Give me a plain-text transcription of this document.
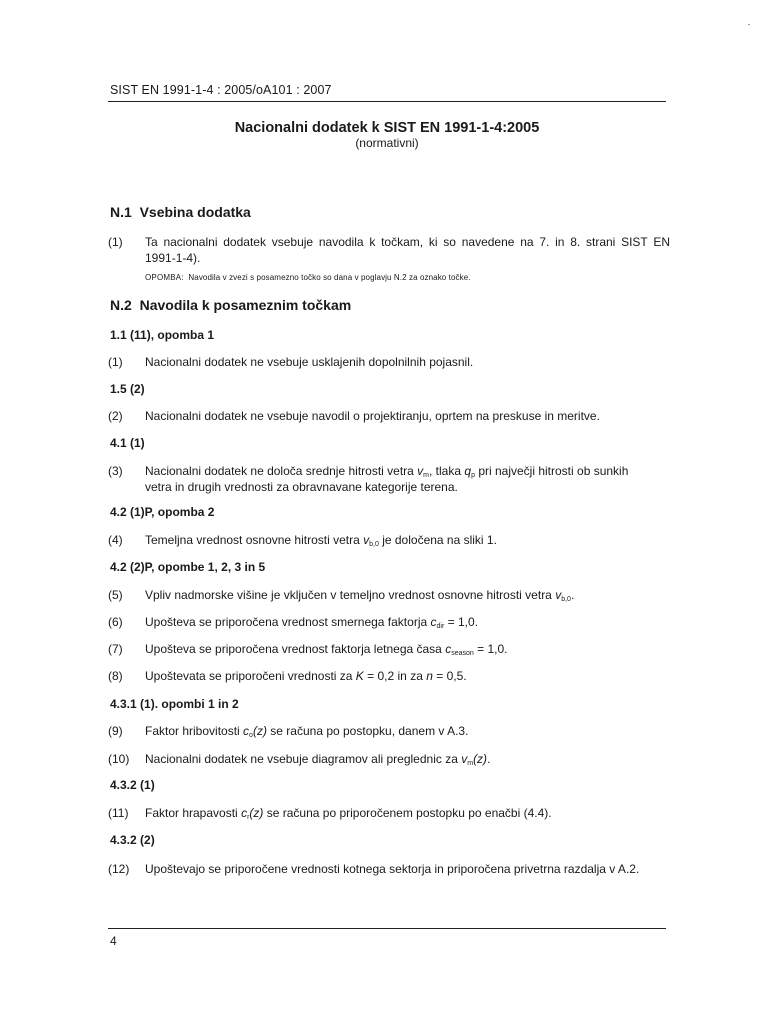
SIST EN 1991-1-4 : 2005/oA101 : 2007
Nacionalni dodatek k SIST EN 1991-1-4:2005
(normativni)
N.1 Vsebina dodatka
(1) Ta nacionalni dodatek vsebuje navodila k točkam, ki so navedene na 7. in 8. strani SIST EN
1991-1-4).
OPOMBA: Navodila v zvezi s posamezno točko so dana v poglavju N.2 za oznako točke.
N.2 Navodila k posameznim točkam
1.1 (11), opomba 1
(1) Nacionalni dodatek ne vsebuje usklajenih dopolnilnih pojasnil.
1.5 (2)
(2) Nacionalni dodatek ne vsebuje navodil o projektiranju, oprtem na preskuse in meritve.
4.1 (1)
(3) Nacionalni dodatek ne določa srednje hitrosti vetra $v_m$, tlaka $q_p$ pri največji hitrosti ob sunkih
vetra in drugih vrednosti za obravnavane kategorije terena.
4.2 (1)P, opomba 2
(4) Temeljna vrednost osnovne hitrosti vetra $v_{b,0}$ je določena na sliki 1.
4.2 (2)P, opombe 1, 2, 3 in 5
(5) Vpliv nadmorske višine je vključen v temeljno vrednost osnovne hitrosti vetra $v_{b,0}$.
(6) Upošteva se priporočena vrednost smernega faktorja $c_{dir} = 1,0$.
(7) Upošteva se priporočena vrednost faktorja letnega časa $c_{season} = 1,0$.
(8) Upoštevata se priporočeni vrednosti za K = 0,2 in za n = 0,5.
4.3.1 (1). opombi 1 in 2
(9) Faktor hribovitosti $c_o(z)$ se računa po postopku, danem v A.3.
(10) Nacionalni dodatek ne vsebuje diagramov ali preglednic za $v_m(z)$.
4.3.2 (1)
(11) Faktor hrapavosti $c_r(z)$ se računa po priporočenem postopku po enačbi (4.4).
4.3.2 (2)
(12) Upoštevajo se priporočene vrednosti kotnega sektorja in priporočena privetrna razdalja v A.2.
4
